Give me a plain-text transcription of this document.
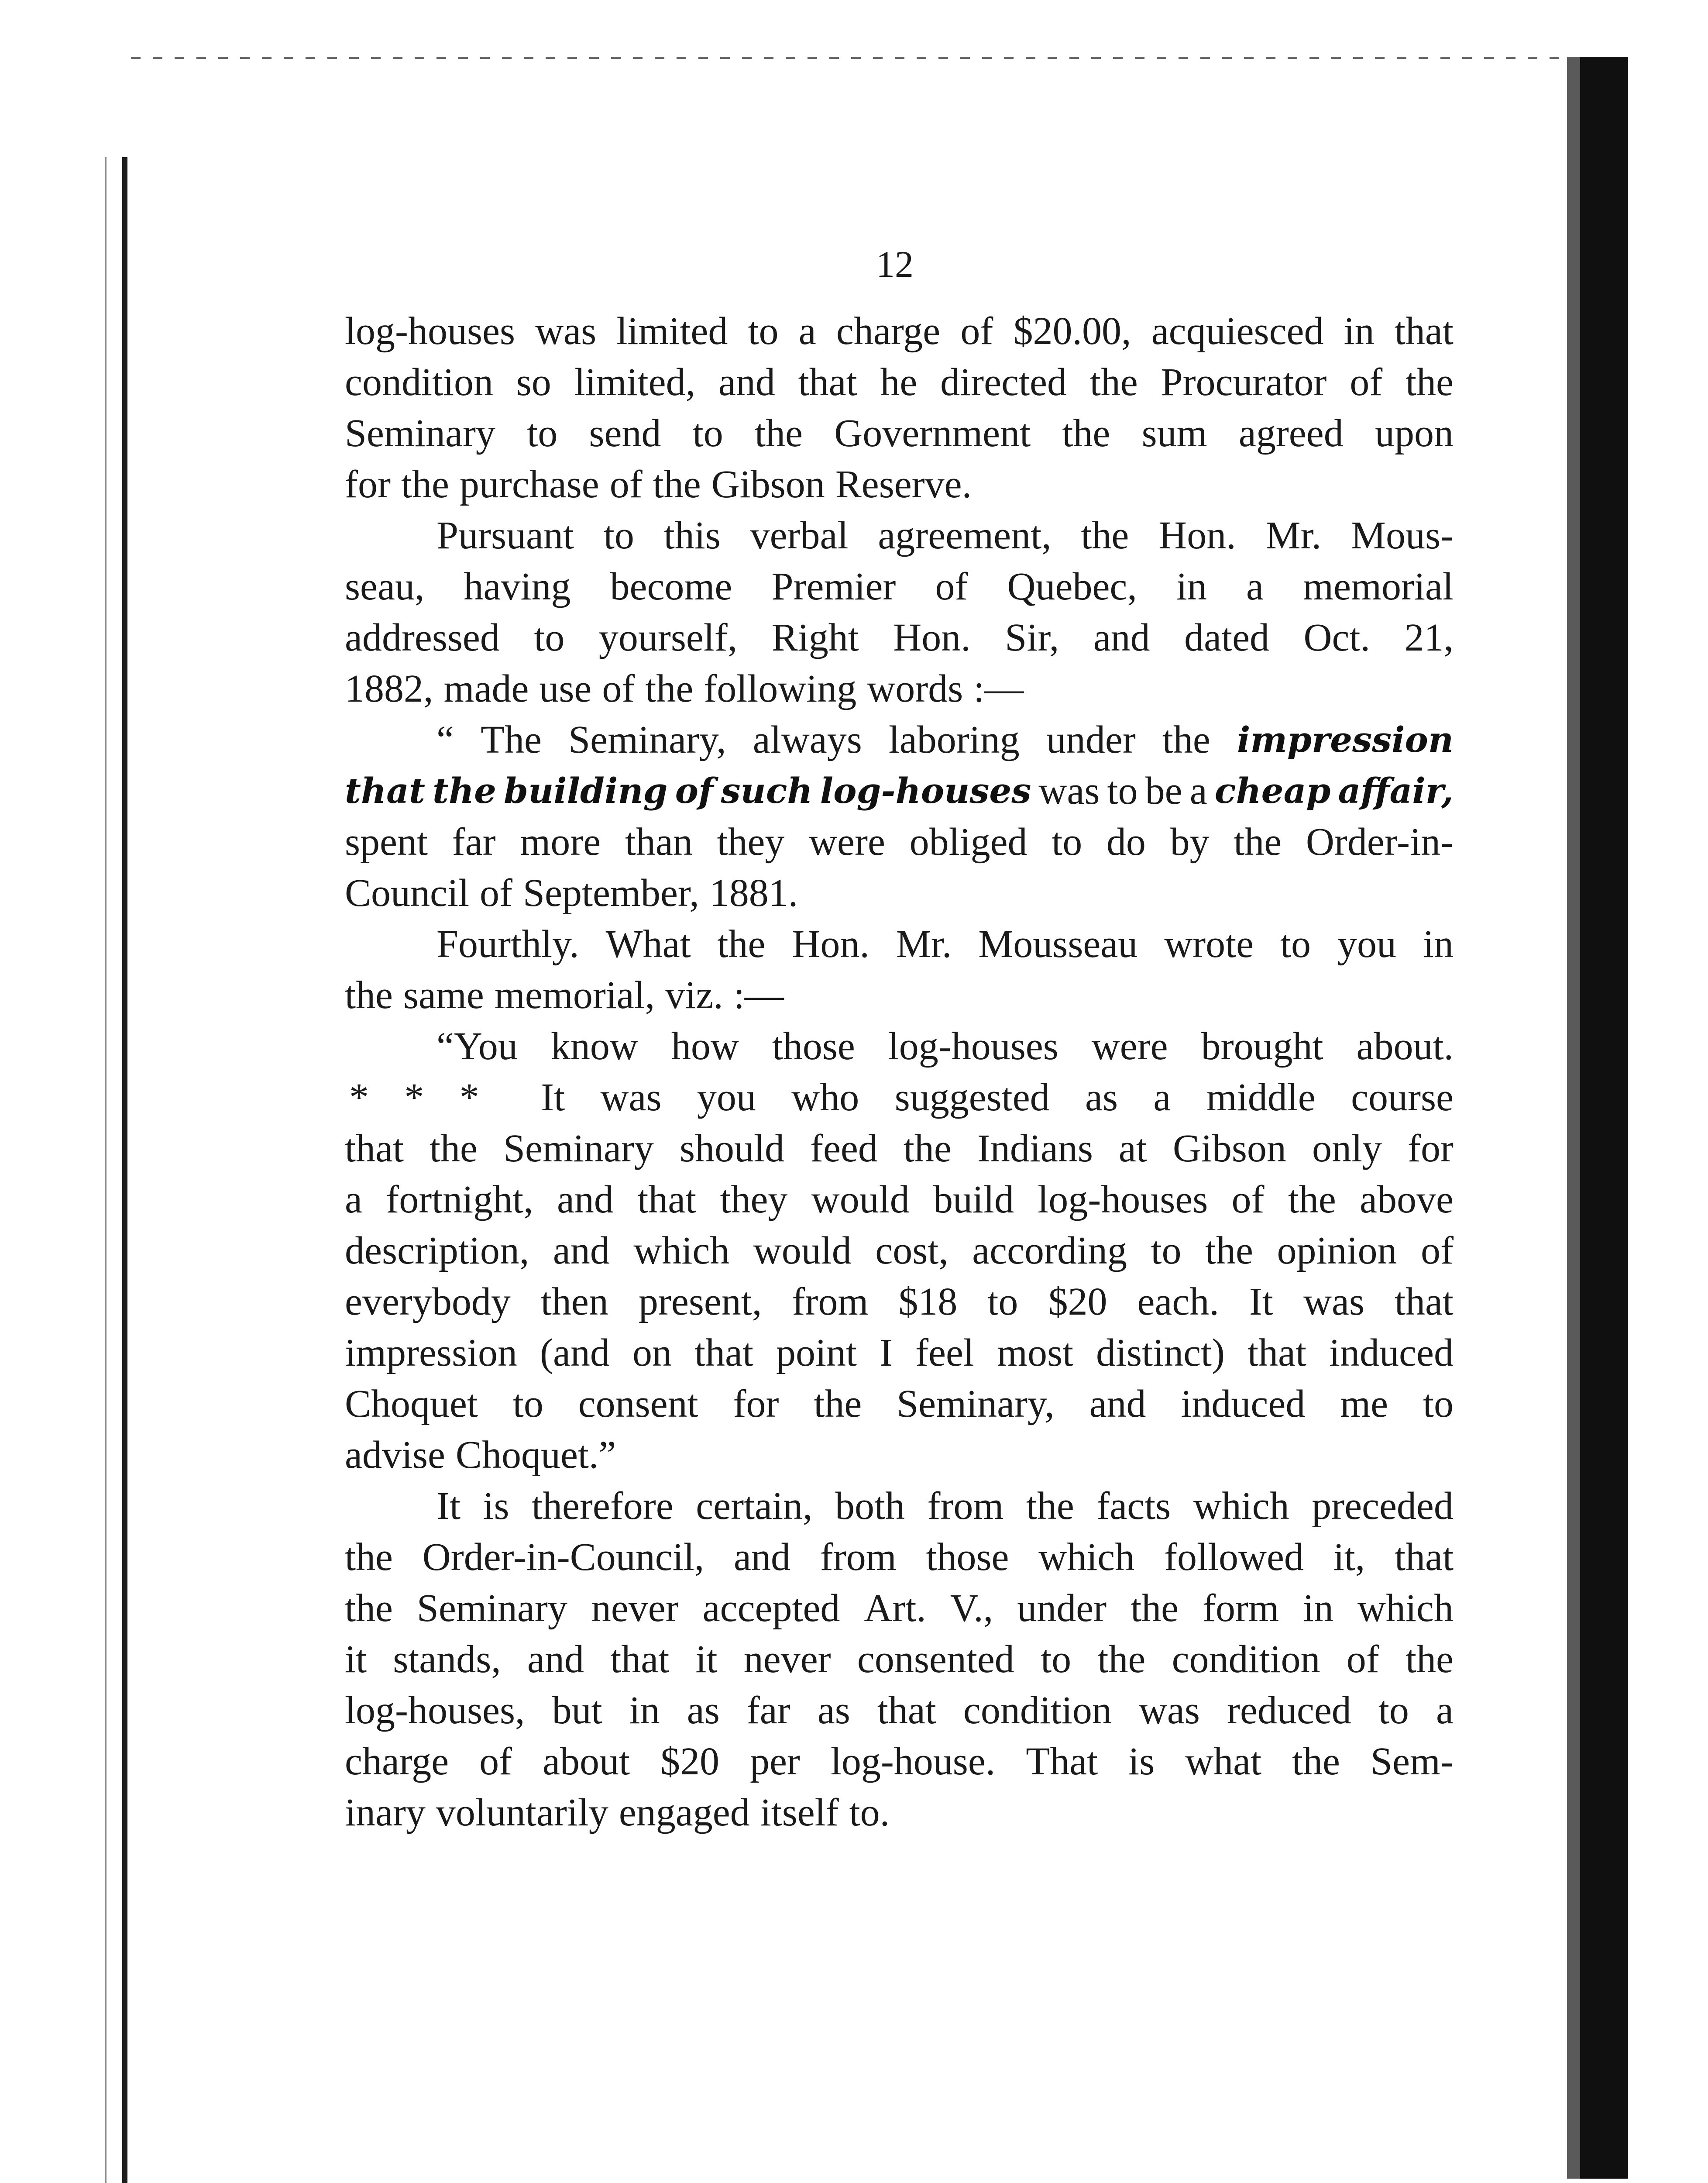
12
log-houses was limited to a charge of $20.00, acquiesced in that
condition so limited, and that he directed the Procurator of the
Seminary to send to the Government the sum agreed upon
for the purchase of the Gibson Reserve.
Pursuant to this verbal agreement, the Hon. Mr. Mous-
seau, having become Premier of Quebec, in a memorial
addressed to yourself, Right Hon. Sir, and dated Oct. 21,
1882, made use of the following words :—
“ The Seminary, always laboring under the impression
that the building of such log-houses was to be a cheap affair,
spent far more than they were obliged to do by the Order-in-
Council of September, 1881.
Fourthly. What the Hon. Mr. Mousseau wrote to you in
the same memorial, viz. :—
“You know how those log-houses were brought about.
* * * It was you who suggested as a middle course
that the Seminary should feed the Indians at Gibson only for
a fortnight, and that they would build log-houses of the above
description, and which would cost, according to the opinion of
everybody then present, from $18 to $20 each. It was that
impression (and on that point I feel most distinct) that induced
Choquet to consent for the Seminary, and induced me to
advise Choquet.”
It is therefore certain, both from the facts which preceded
the Order-in-Council, and from those which followed it, that
the Seminary never accepted Art. V., under the form in which
it stands, and that it never consented to the condition of the
log-houses, but in as far as that condition was reduced to a
charge of about $20 per log-house. That is what the Sem-
inary voluntarily engaged itself to.
